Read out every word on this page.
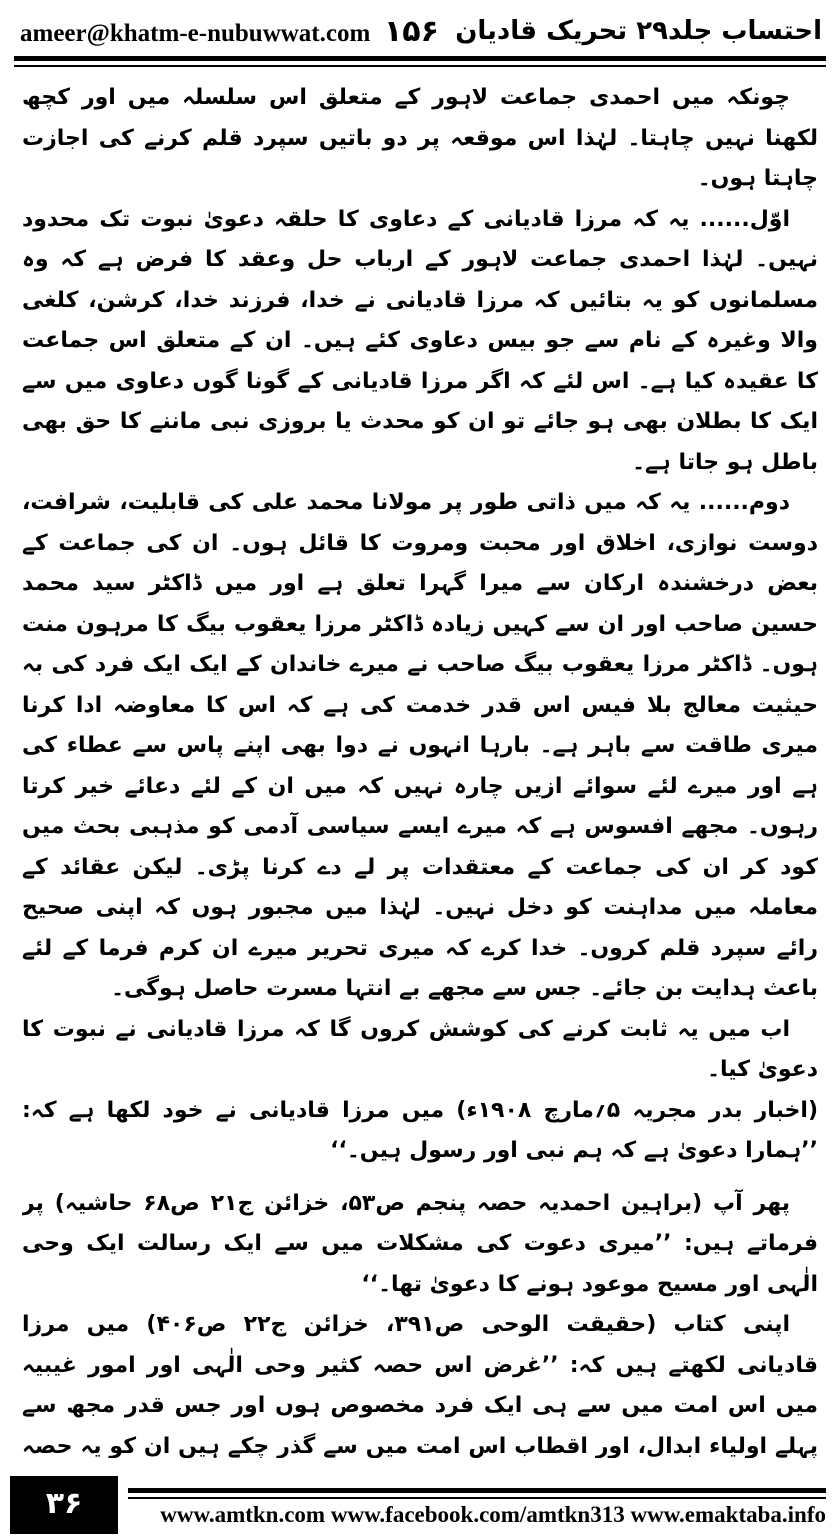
ameer@khatm-e-nubuwwat.com ۱۵۶ احتساب جلد۲۹ تحریک قادیان

چونکہ میں احمدی جماعت لاہور کے متعلق اس سلسلہ میں اور کچھ لکھنا نہیں چاہتا۔ لہٰذا اس موقعہ پر دو باتیں سپرد قلم کرنے کی اجازت چاہتا ہوں۔

اوّل...... یہ کہ مرزا قادیانی کے دعاوی کا حلقہ دعویٰ نبوت تک محدود نہیں۔ لہٰذا احمدی جماعت لاہور کے ارباب حل وعقد کا فرض ہے کہ وہ مسلمانوں کو یہ بتائیں کہ مرزا قادیانی نے خدا، فرزند خدا، کرشن، کلغی والا وغیرہ کے نام سے جو بیس دعاوی کئے ہیں۔ ان کے متعلق اس جماعت کا عقیدہ کیا ہے۔ اس لئے کہ اگر مرزا قادیانی کے گونا گوں دعاوی میں سے ایک کا بطلان بھی ہو جائے تو ان کو محدث یا بروزی نبی ماننے کا حق بھی باطل ہو جاتا ہے۔

دوم...... یہ کہ میں ذاتی طور پر مولانا محمد علی کی قابلیت، شرافت، دوست نوازی، اخلاق اور محبت ومروت کا قائل ہوں۔ ان کی جماعت کے بعض درخشندہ ارکان سے میرا گہرا تعلق ہے اور میں ڈاکٹر سید محمد حسین صاحب اور ان سے کہیں زیادہ ڈاکٹر مرزا یعقوب بیگ کا مرہون منت ہوں۔ ڈاکٹر مرزا یعقوب بیگ صاحب نے میرے خاندان کے ایک ایک فرد کی بہ حیثیت معالج بلا فیس اس قدر خدمت کی ہے کہ اس کا معاوضہ ادا کرنا میری طاقت سے باہر ہے۔ بارہا انہوں نے دوا بھی اپنے پاس سے عطاء کی ہے اور میرے لئے سوائے ازیں چارہ نہیں کہ میں ان کے لئے دعائے خیر کرتا رہوں۔ مجھے افسوس ہے کہ میرے ایسے سیاسی آدمی کو مذہبی بحث میں کود کر ان کی جماعت کے معتقدات پر لے دے کرنا پڑی۔ لیکن عقائد کے معاملہ میں مداہنت کو دخل نہیں۔ لہٰذا میں مجبور ہوں کہ اپنی صحیح رائے سپرد قلم کروں۔ خدا کرے کہ میری تحریر میرے ان کرم فرما کے لئے باعث ہدایت بن جائے۔ جس سے مجھے بے انتہا مسرت حاصل ہوگی۔

اب میں یہ ثابت کرنے کی کوشش کروں گا کہ مرزا قادیانی نے نبوت کا دعویٰ کیا۔

(اخبار بدر مجریہ ۵؍مارچ ۱۹۰۸ء) میں مرزا قادیانی نے خود لکھا ہے کہ: ’’ہمارا دعویٰ ہے کہ ہم نبی اور رسول ہیں۔‘‘

پھر آپ (براہین احمدیہ حصہ پنجم ص۵۳، خزائن ج۲۱ ص۶۸ حاشیہ) پر فرماتے ہیں: ’’میری دعوت کی مشکلات میں سے ایک رسالت ایک وحی الٰہی اور مسیح موعود ہونے کا دعویٰ تھا۔‘‘

اپنی کتاب (حقیقت الوحی ص۳۹۱، خزائن ج۲۲ ص۴۰۶) میں مرزا قادیانی لکھتے ہیں کہ: ’’غرض اس حصہ کثیر وحی الٰہی اور امور غیبیہ میں اس امت میں سے ہی ایک فرد مخصوص ہوں اور جس قدر مجھ سے پہلے اولیاء ابدال، اور اقطاب اس امت میں سے گذر چکے ہیں ان کو یہ حصہ

۳۶	www.amtkn.com www.facebook.com/amtkn313 www.emaktaba.info
